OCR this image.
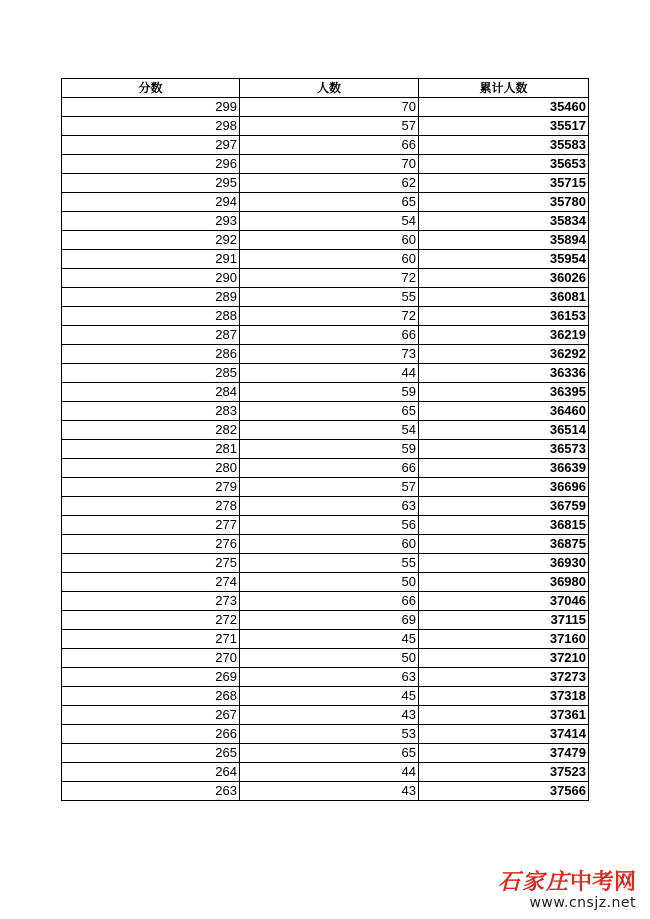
分数	人数	累计人数
299	70	35460
298	57	35517
297	66	35583
296	70	35653
295	62	35715
294	65	35780
293	54	35834
292	60	35894
291	60	35954
290	72	36026
289	55	36081
288	72	36153
287	66	36219
286	73	36292
285	44	36336
284	59	36395
283	65	36460
282	54	36514
281	59	36573
280	66	36639
279	57	36696
278	63	36759
277	56	36815
276	60	36875
275	55	36930
274	50	36980
273	66	37046
272	69	37115
271	45	37160
270	50	37210
269	63	37273
268	45	37318
267	43	37361
266	53	37414
265	65	37479
264	44	37523
263	43	37566
石家庄中考网
www.cnsjz.net
